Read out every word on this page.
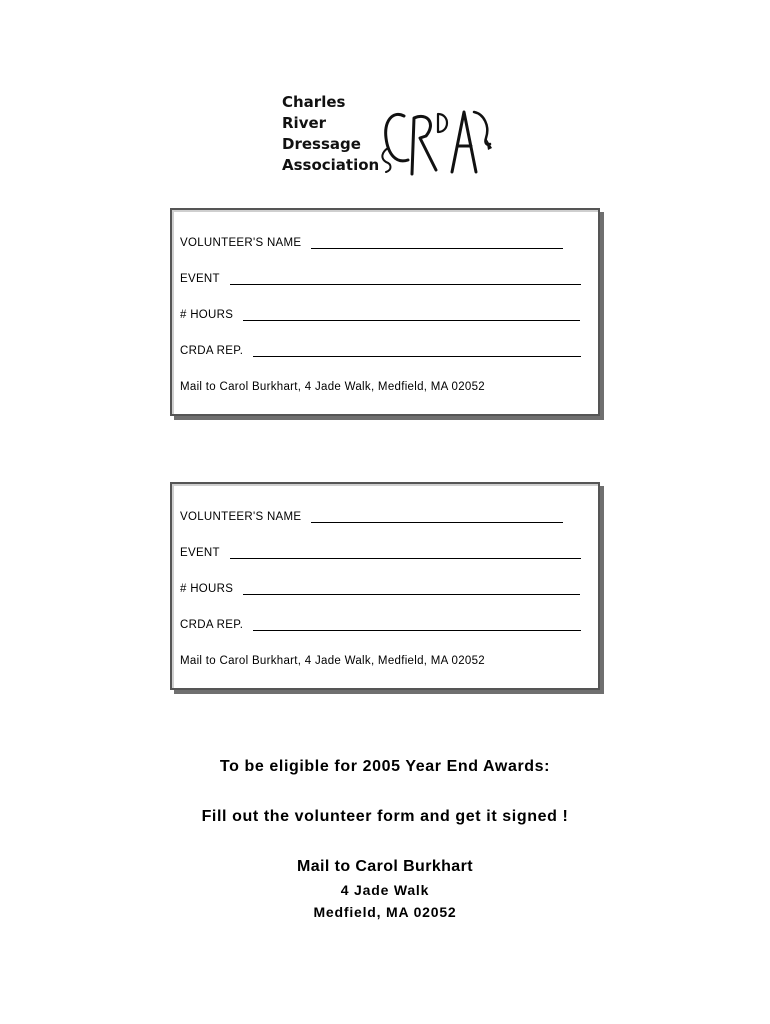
Charles
River
Dressage
Association
VOLUNTEER'S NAME
EVENT
# HOURS
CRDA REP.
Mail to Carol Burkhart, 4 Jade Walk, Medfield, MA 02052
VOLUNTEER'S NAME
EVENT
# HOURS
CRDA REP.
Mail to Carol Burkhart, 4 Jade Walk, Medfield, MA 02052
To be eligible for 2005 Year End Awards:
Fill out the volunteer form and get it signed !
Mail to Carol Burkhart
4 Jade Walk
Medfield, MA 02052
